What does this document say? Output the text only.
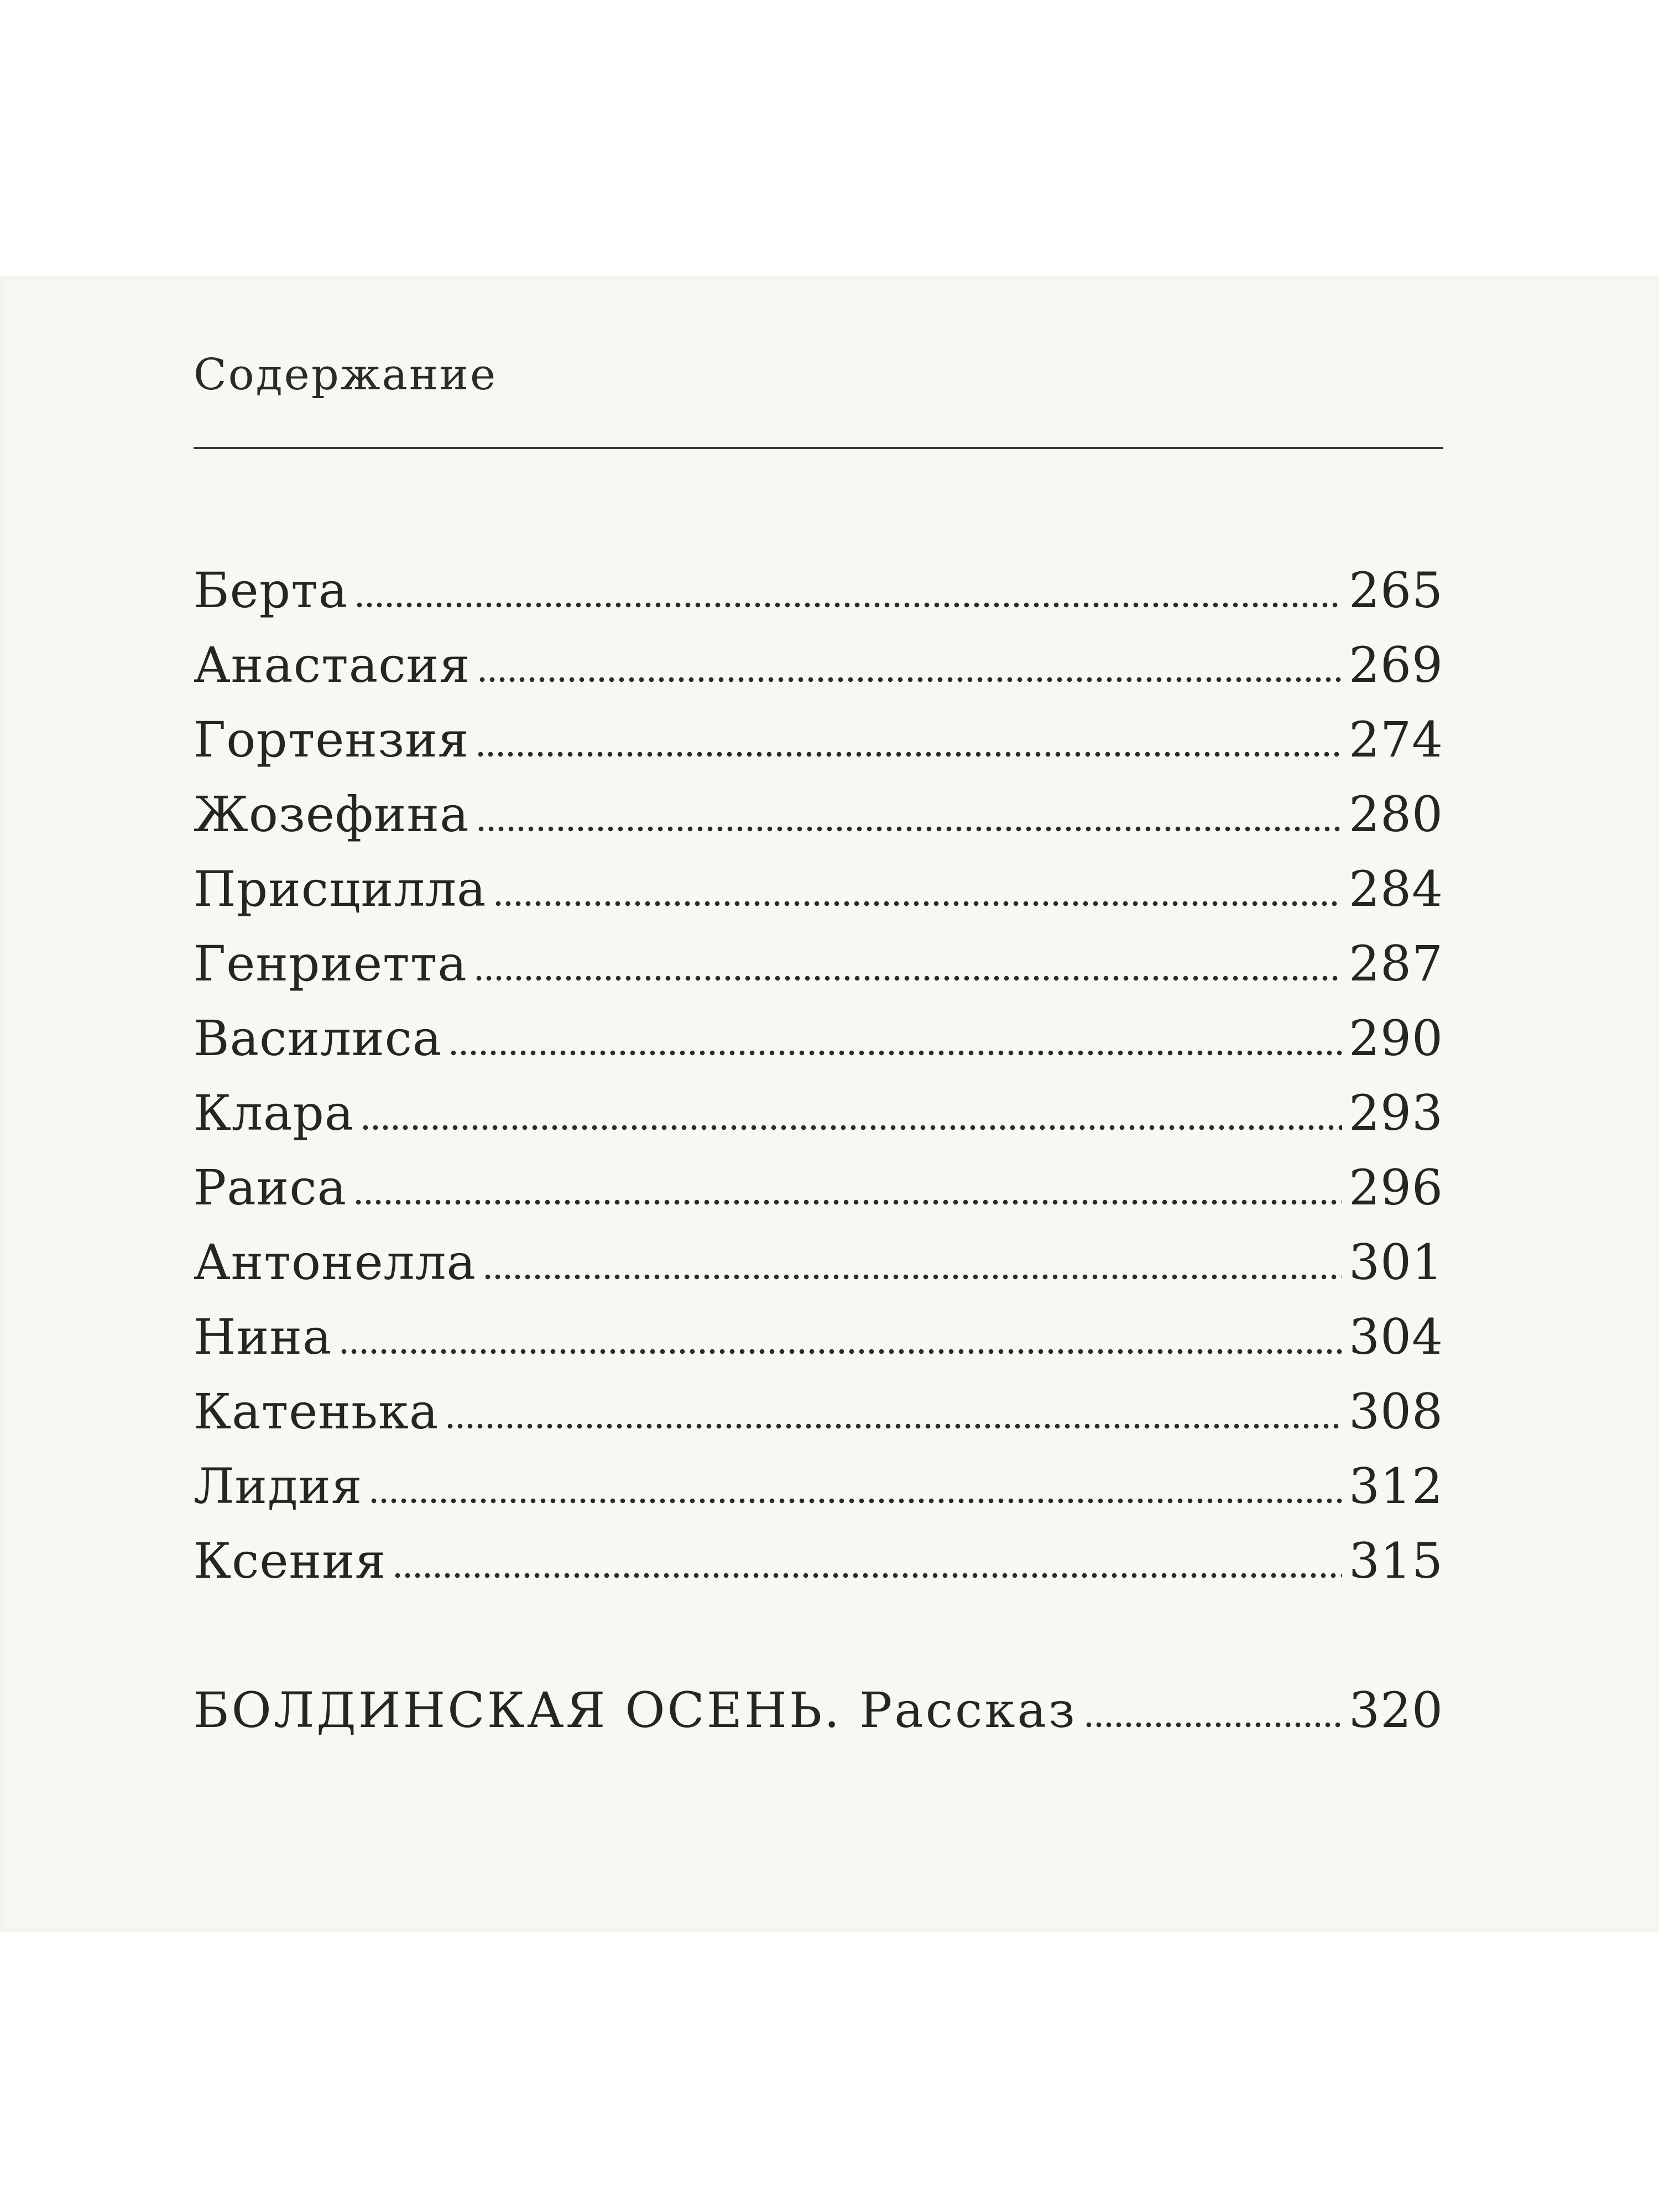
Содержание
Берта	265
Анастасия	269
Гортензия	274
Жозефина	280
Присцилла	284
Генриетта	287
Василиса	290
Клара	293
Раиса	296
Антонелла	301
Нина	304
Катенька	308
Лидия	312
Ксения	315
БОЛДИНСКАЯ ОСЕНЬ. Рассказ	320
